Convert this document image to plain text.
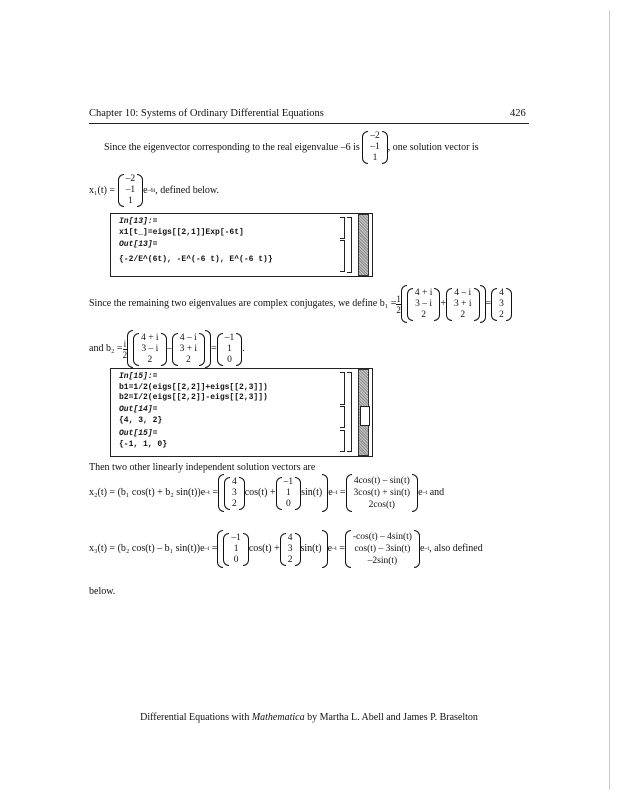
Chapter 10: Systems of Ordinary Differential Equations	426
Since the eigenvector corresponding to the real eigenvalue –6 is

–2
–1
1
, one solution vector is
x₁(t) =

–2
–1
1
e –6t , defined below.
In[13]:=
x1[t_]=eigs[[2,1]]Exp[-6t]
Out[13]=
{-2/E^(6t), -E^(-6 t), E^(-6 t)}
Since the remaining two eigenvalues are complex conjugates, we define $b_1 = \frac{1}{2}$
4 + i
3 – i
2
+
4 – i
3 + i
2
=
4
3
2
and $b_2 = \frac{i}{2}$
4 + i
3 – i
2
–
4 – i
3 + i
2
=
–1
1
0
.
In[15]:=
b1=1/2(eigs[[2,2]]+eigs[[2,3]])
b2=I/2(eigs[[2,2]]-eigs[[2,3]])
Out[14]=
{4, 3, 2}
Out[15]=
{-1, 1, 0}
Then two other linearly independent solution vectors are
x₂(t) = (b₁ cos(t) + b₂ sin(t))e –t
=
4
3
2
cos(t) +
–1
1
0
sin(t) e –t
=
4cos(t) – sin(t)
3cos(t) + sin(t)
2cos(t)
e –t
and
x₃(t) = (b₂ cos(t) – b₁ sin(t))e –t
=
–1
1
0
cos(t) +
4
3
2
sin(t) e –t
=
-cos(t) – 4sin(t)
cos(t) – 3sin(t)
–2sin(t)
e –t , also defined
below.
Differential Equations with Mathematica by Martha L. Abell and James P. Braselton
